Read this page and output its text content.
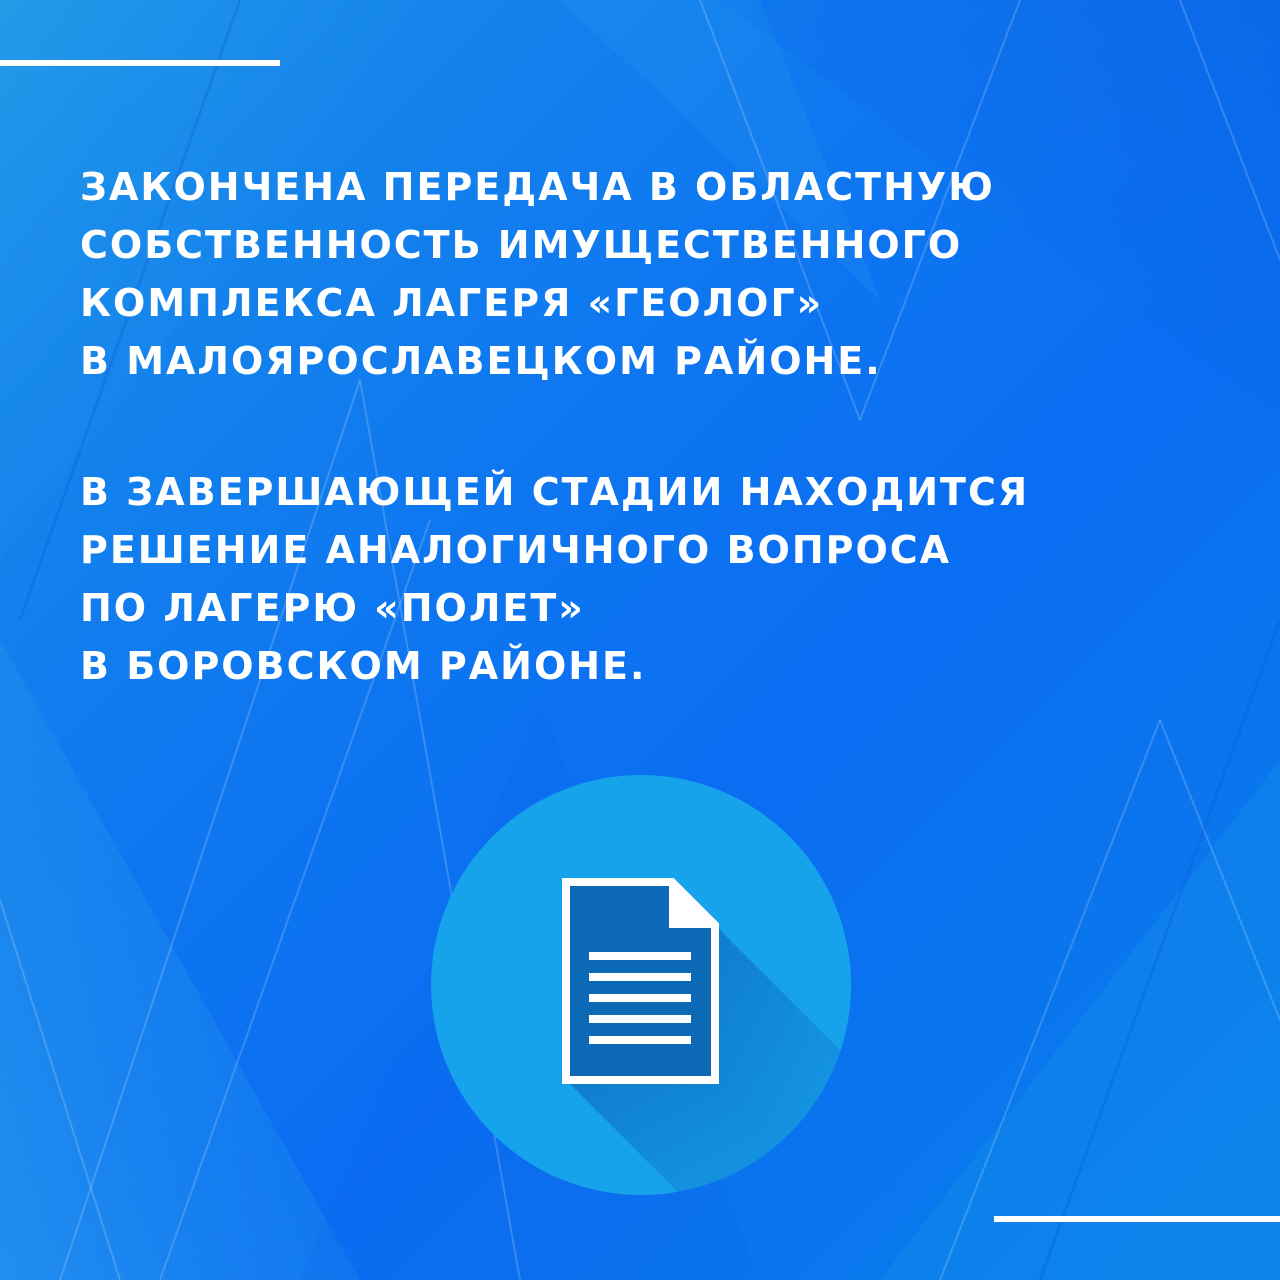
ЗАКОНЧЕНА ПЕРЕДАЧА В ОБЛАСТНУЮ
СОБСТВЕННОСТЬ ИМУЩЕСТВЕННОГО
КОМПЛЕКСА ЛАГЕРЯ «ГЕОЛОГ»
В МАЛОЯРОСЛАВЕЦКОМ РАЙОНЕ.
В ЗАВЕРШАЮЩЕЙ СТАДИИ НАХОДИТСЯ
РЕШЕНИЕ АНАЛОГИЧНОГО ВОПРОСА
ПО ЛАГЕРЮ «ПОЛЕТ»
В БОРОВСКОМ РАЙОНЕ.
